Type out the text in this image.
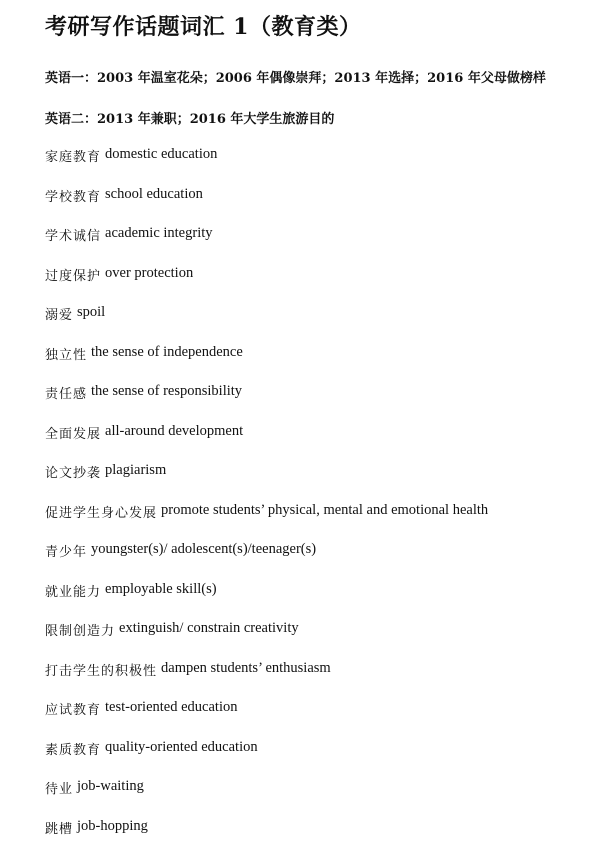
考研写作话题词汇 1（教育类）
英语一：2003 年温室花朵；2006 年偶像崇拜；2013 年选择；2016 年父母做榜样
英语二：2013 年兼职；2016 年大学生旅游目的
家庭教育 domestic education
学校教育 school education
学术诚信 academic integrity
过度保护 over protection
溺爱 spoil
独立性 the sense of independence
责任感 the sense of responsibility
全面发展 all-around development
论文抄袭 plagiarism
促进学生身心发展 promote students’ physical, mental and emotional health
青少年 youngster(s)/ adolescent(s)/teenager(s)
就业能力 employable skill(s)
限制创造力 extinguish/ constrain creativity
打击学生的积极性 dampen students’ enthusiasm
应试教育 test-oriented education
素质教育 quality-oriented education
待业 job-waiting
跳槽 job-hopping
